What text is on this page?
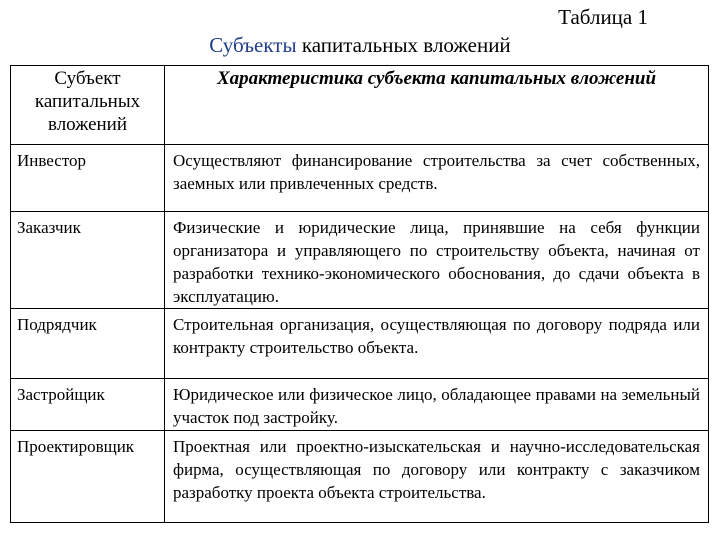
Таблица 1
Субъекты капитальных вложений
Субъект капитальных вложений	Характеристика субъекта капитальных вложений
Инвестор	Осуществляют финансирование строительства за счет собственных, заемных или привлеченных средств.
Заказчик	Физические и юридические лица, принявшие на себя функции организатора и управляющего по строительству объекта, начиная от разработки технико-экономического обоснования, до сдачи объекта в эксплуатацию.
Подрядчик	Строительная организация, осуществляющая по договору подряда или контракту строительство объекта.
Застройщик	Юридическое или физическое лицо, обладающее правами на земельный участок под застройку.
Проектировщик	Проектная или проектно-изыскательская и научно-исследовательская фирма, осуществляющая по договору или контракту с заказчиком разработку проекта объекта строительства.
